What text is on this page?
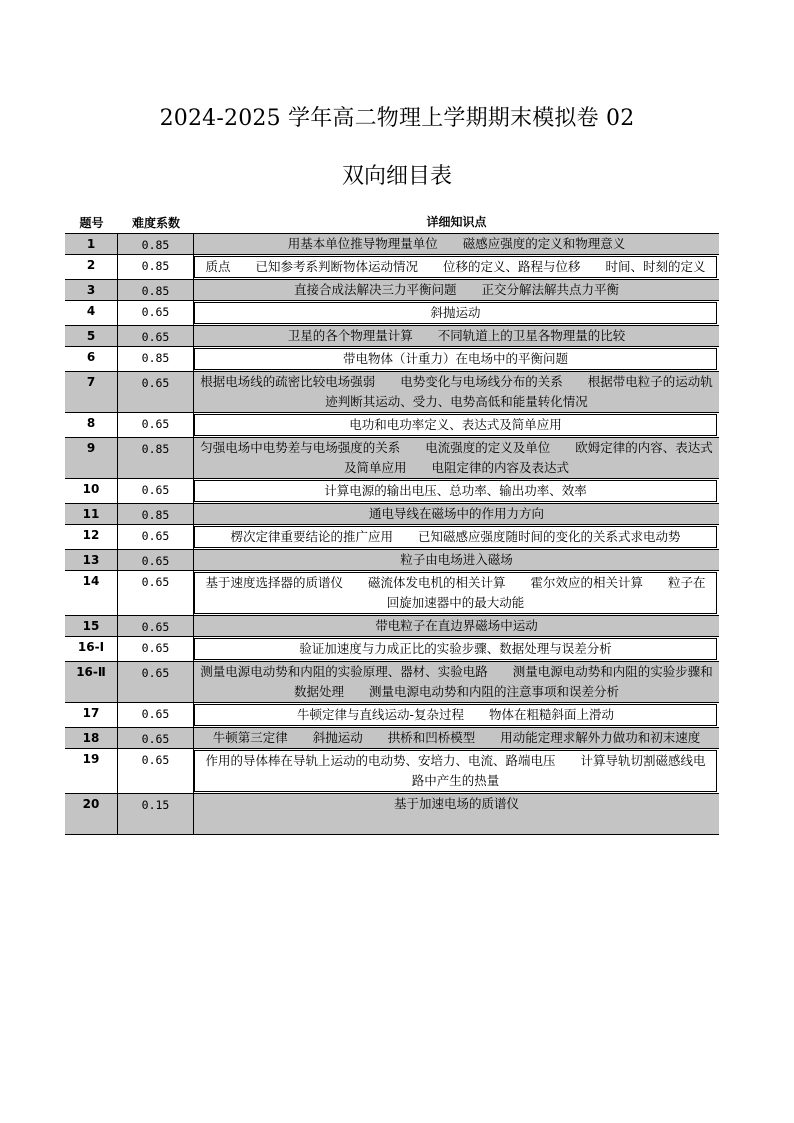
2024-2025 学年高二物理上学期期末模拟卷 02
双向细目表
题号	难度系数	详细知识点
1	0.85	用基本单位推导物理量单位　　磁感应强度的定义和物理意义
2	0.85	质点　　已知参考系判断物体运动情况　　位移的定义、路程与位移　　时间、时刻的定义
3	0.85	直接合成法解决三力平衡问题　　正交分解法解共点力平衡
4	0.65	斜抛运动
5	0.65	卫星的各个物理量计算　　不同轨道上的卫星各物理量的比较
6	0.85	带电物体（计重力）在电场中的平衡问题
7	0.65	根据电场线的疏密比较电场强弱　　电势变化与电场线分布的关系　　根据带电粒子的运动轨迹判断其运动、受力、电势高低和能量转化情况
8	0.65	电功和电功率定义、表达式及简单应用
9	0.85	匀强电场中电势差与电场强度的关系　　电流强度的定义及单位　　欧姆定律的内容、表达式及简单应用　　电阻定律的内容及表达式
10	0.65	计算电源的输出电压、总功率、输出功率、效率
11	0.85	通电导线在磁场中的作用力方向
12	0.65	楞次定律重要结论的推广应用　　已知磁感应强度随时间的变化的关系式求电动势
13	0.65	粒子由电场进入磁场
14	0.65	基于速度选择器的质谱仪　　磁流体发电机的相关计算　　霍尔效应的相关计算　　粒子在回旋加速器中的最大动能
15	0.65	带电粒子在直边界磁场中运动
16-Ⅰ	0.65	验证加速度与力成正比的实验步骤、数据处理与误差分析
16-Ⅱ	0.65	测量电源电动势和内阻的实验原理、器材、实验电路　　测量电源电动势和内阻的实验步骤和数据处理　　测量电源电动势和内阻的注意事项和误差分析
17	0.65	牛顿定律与直线运动-复杂过程　　物体在粗糙斜面上滑动
18	0.65	牛顿第三定律　　斜抛运动　　拱桥和凹桥模型　　用动能定理求解外力做功和初末速度
19	0.65	作用的导体棒在导轨上运动的电动势、安培力、电流、路端电压　　计算导轨切割磁感线电路中产生的热量
20	0.15	基于加速电场的质谱仪
